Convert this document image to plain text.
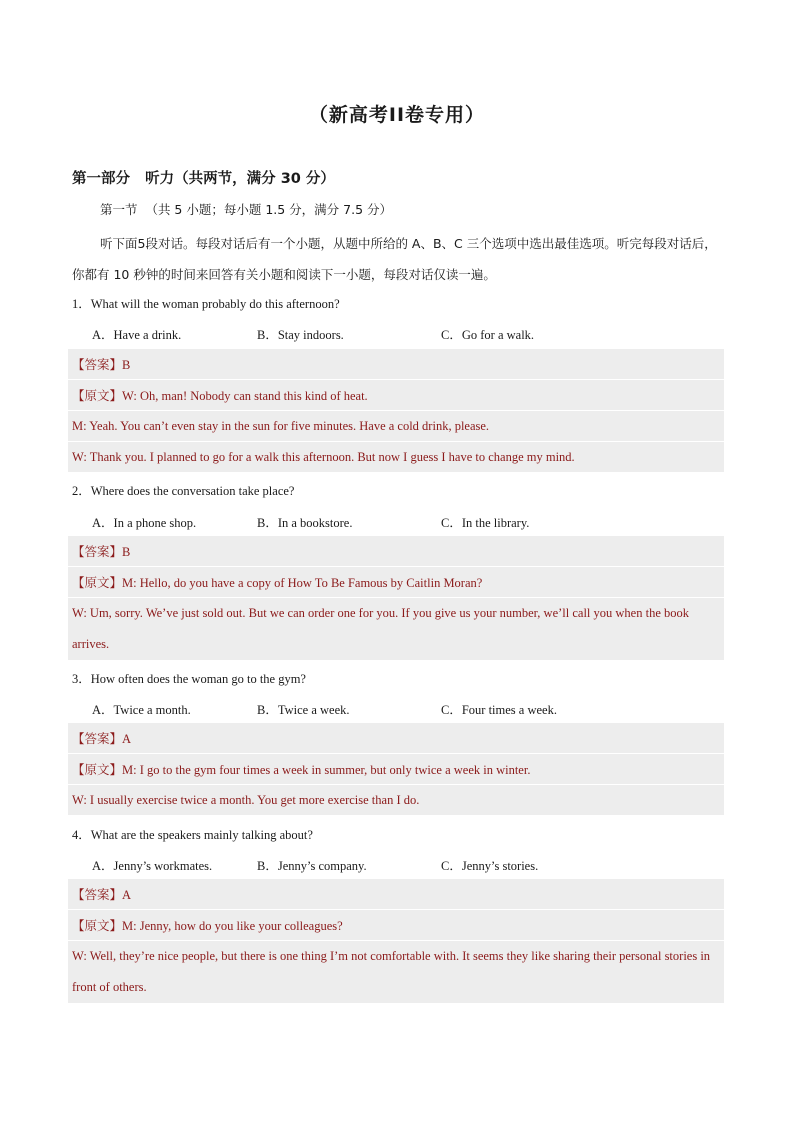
（新高考II卷专用）
第一部分   听力（共两节，满分 30 分）
第一节  （共 5 小题；每小题 1.5 分，满分 7.5 分）
听下面5段对话。每段对话后有一个小题，从题中所给的 A、B、C 三个选项中选出最佳选项。听完每段对话后，你都有 10 秒钟的时间来回答有关小题和阅读下一小题，每段对话仅读一遍。
1．What will the woman probably do this afternoon?
A．Have a drink.	B．Stay indoors.	C．Go for a walk.
【答案】B
【原文】W: Oh, man! Nobody can stand this kind of heat.
M: Yeah. You can’t even stay in the sun for five minutes. Have a cold drink, please.
W: Thank you. I planned to go for a walk this afternoon. But now I guess I have to change my mind.
2．Where does the conversation take place?
A．In a phone shop.	B．In a bookstore.	C．In the library.
【答案】B
【原文】M: Hello, do you have a copy of How To Be Famous by Caitlin Moran?
W: Um, sorry. We’ve just sold out. But we can order one for you. If you give us your number, we’ll call you when the book arrives.
3．How often does the woman go to the gym?
A．Twice a month.	B．Twice a week.	C．Four times a week.
【答案】A
【原文】M: I go to the gym four times a week in summer, but only twice a week in winter.
W: I usually exercise twice a month. You get more exercise than I do.
4．What are the speakers mainly talking about?
A．Jenny’s workmates.	B．Jenny’s company.	C．Jenny’s stories.
【答案】A
【原文】M: Jenny, how do you like your colleagues?
W: Well, they’re nice people, but there is one thing I’m not comfortable with. It seems they like sharing their personal stories in front of others.
